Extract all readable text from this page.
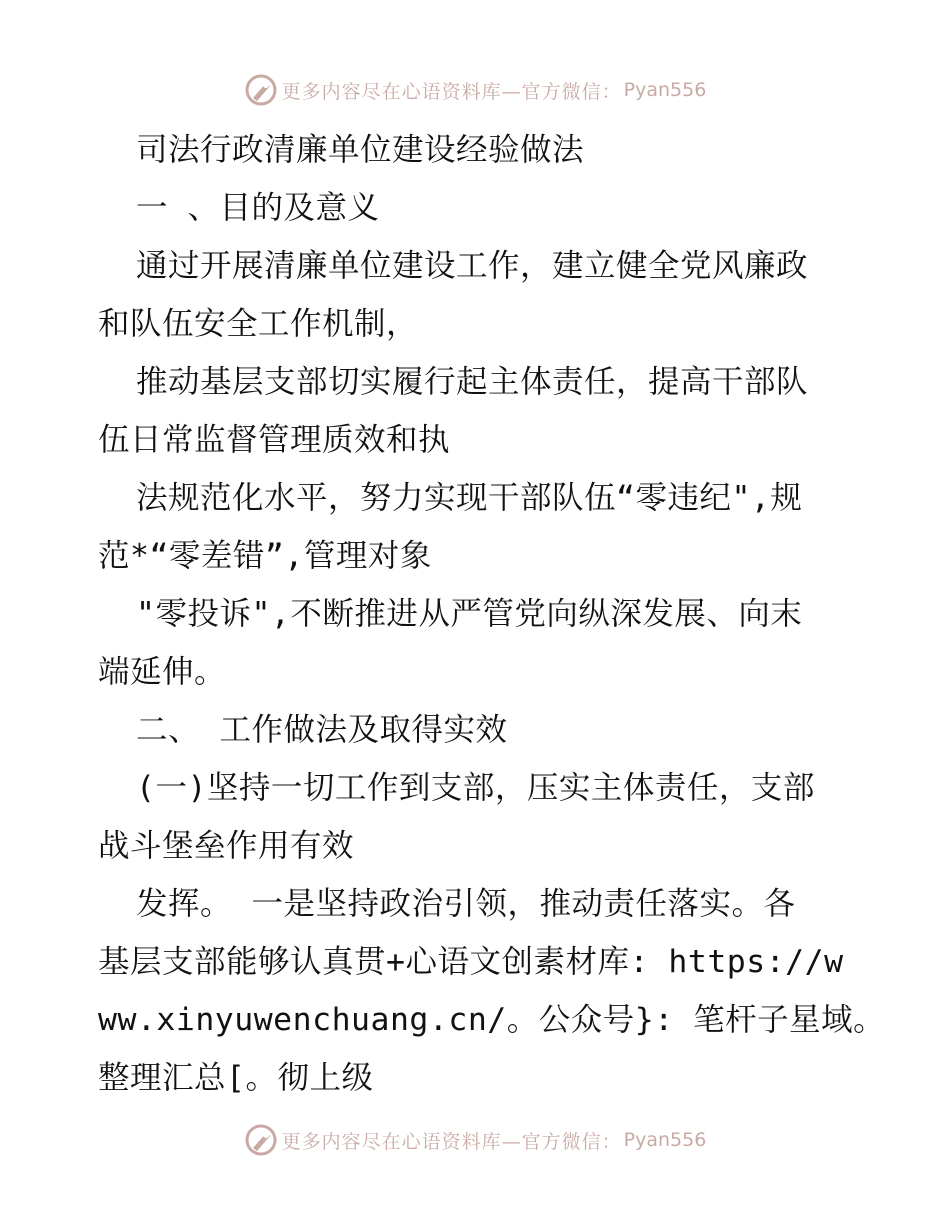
更多内容尽在心语资料库—官方微信： Pyan556
司法行政清廉单位建设经验做法
一 、目的及意义
通过开展清廉单位建设工作，建立健全党风廉政
和队伍安全工作机制，
推动基层支部切实履行起主体责任，提高干部队
伍日常监督管理质效和执
法规范化水平，努力实现干部队伍“零违纪",规
范*“零差错”,管理对象
"零投诉",不断推进从严管党向纵深发展、向末
端延伸。
二、 工作做法及取得实效
(一)坚持一切工作到支部，压实主体责任，支部
战斗堡垒作用有效
发挥。 一是坚持政治引领，推动责任落实。各
基层支部能够认真贯+心语文创素材库: https://w
ww.xinyuwenchuang.cn/。公众号}: 笔杆子星域。
整理汇总[。彻上级
更多内容尽在心语资料库—官方微信： Pyan556
